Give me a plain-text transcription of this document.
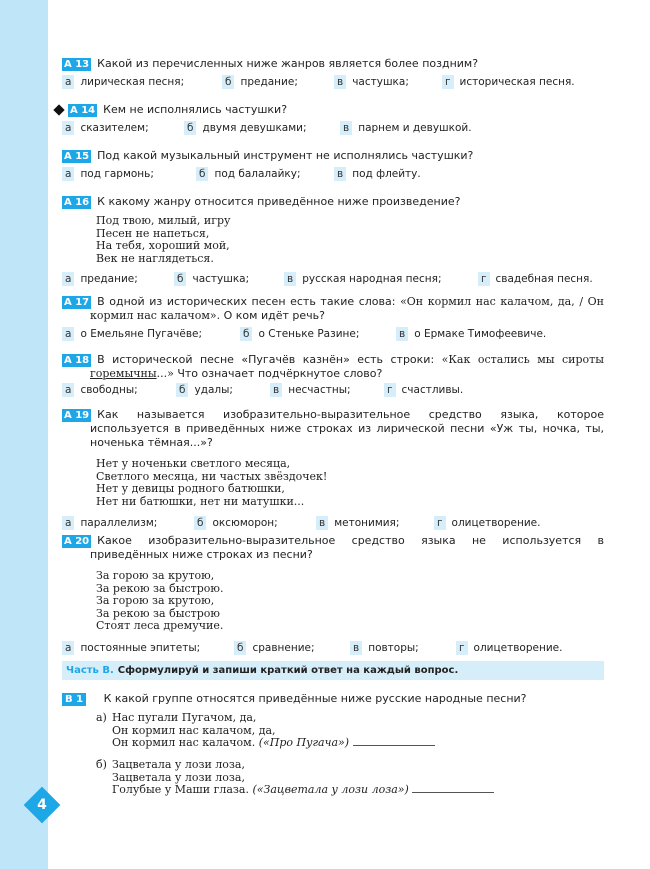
4
А 13 Какой из перечисленных ниже жанров является более поздним?
а лирическая песня;	б предание;	в частушка;	г историческая песня.
А 14 Кем не исполнялись частушки?
а сказителем;	б двумя девушками;	в парнем и девушкой.
А 15 Под какой музыкальный инструмент не исполнялись частушки?
а под гармонь;	б под балалайку;	в под флейту.
А 16 К какому жанру относится приведённое ниже произведение?
Под твою, милый, игру
Песен не напеться,
На тебя, хороший мой,
Век не наглядеться.
а предание;	б частушка;	в русская народная песня;	г свадебная песня.
А 17 В одной из исторических песен есть такие слова: «Он кормил нас калачом, да, / Он кормил нас калачом». О ком идёт речь?
а о Емельяне Пугачёве;	б о Стеньке Разине;	в о Ермаке Тимофеевиче.
А 18 В исторической песне «Пугачёв казнён» есть строки: «Как остались мы сироты горемычны...» Что означает подчёркнутое слово?
а свободны;	б удалы;	в несчастны;	г счастливы.
А 19 Как называется изобразительно-выразительное средство языка, которое используется в приведённых ниже строках из лирической песни «Уж ты, ночка, ты, ноченька тёмная...»?
Нет у ноченьки светлого месяца,
Светлого месяца, ни частых звёздочек!
Нет у девицы родного батюшки,
Нет ни батюшки, нет ни матушки...
а параллелизм;	б оксюморон;	в метонимия;	г олицетворение.
А 20 Какое изобразительно-выразительное средство языка не используется в приведённых ниже строках из песни?
За горою за крутою,
За рекою за быстрою.
За горою за крутою,
За рекою за быстрою
Стоят леса дремучие.
а постоянные эпитеты;	б сравнение;	в повторы;	г олицетворение.
Часть В. Сформулируй и запиши краткий ответ на каждый вопрос.
В 1 К какой группе относятся приведённые ниже русские народные песни?
а) Нас пугали Пугачом, да,
Он кормил нас калачом, да,
Он кормил нас калачом. («Про Пугача»)
б) Зацветала у лози лоза,
Зацветала у лози лоза,
Голубые у Маши глаза. («Зацветала у лози лоза»)
